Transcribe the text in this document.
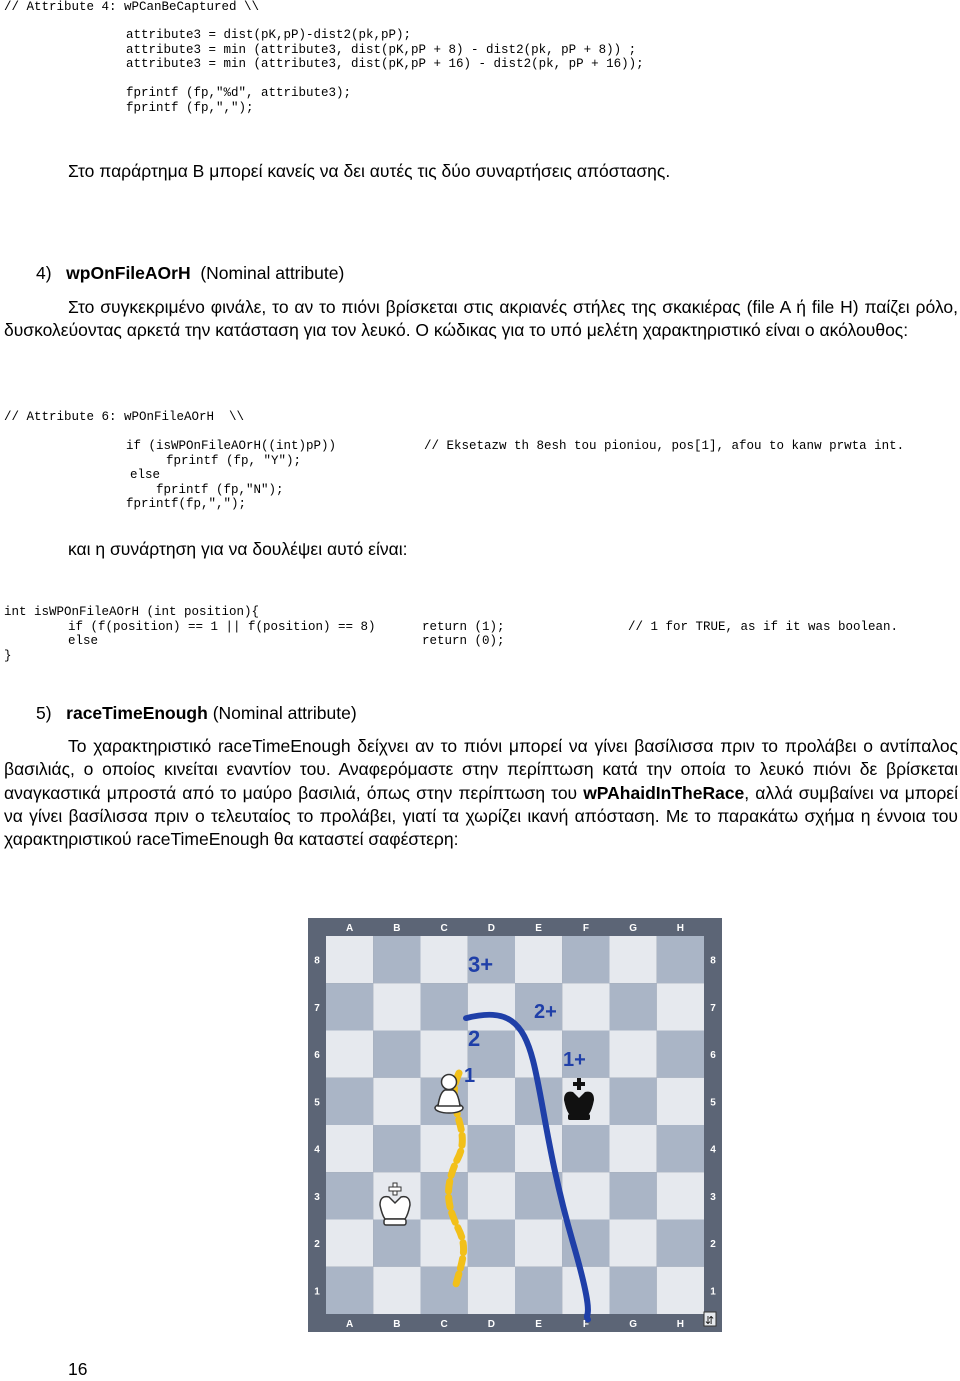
// Attribute 4: wPCanBeCaptured \\
attribute3 = dist(pK,pP)-dist2(pk,pP);
attribute3 = min (attribute3, dist(pK,pP + 8) - dist2(pk, pP + 8)) ;
attribute3 = min (attribute3, dist(pK,pP + 16) - dist2(pk, pP + 16));
fprintf (fp,"%d", attribute3);
fprintf (fp,",");
Στο παράρτημα Β μπορεί κανείς να δει αυτές τις δύο συναρτήσεις απόστασης.
4) wpOnFileAOrH (Nominal attribute)
Στο συγκεκριμένο φινάλε, το αν το πιόνι βρίσκεται στις ακριανές στήλες της σκακιέρας (file A ή file H) παίζει ρόλο, δυσκολεύοντας αρκετά την κατάσταση για τον λευκό. Ο κώδικας για το υπό μελέτη χαρακτηριστικό είναι ο ακόλουθος:
// Attribute 6: wPOnFileAOrH  \\
if (isWPOnFileAOrH((int)pP))	// Eksetazw th 8esh tou pioniou, pos[1], afou to kanw prwta int.
fprintf (fp, "Y");
else
fprintf (fp,"N");
fprintf(fp,",");
και η συνάρτηση για να δουλέψει αυτό είναι:
int isWPOnFileAOrH (int position){
if (f(position) == 1 || f(position) == 8)	return (1);	// 1 for TRUE, as if it was boolean.
else	return (0);
}
5) raceTimeEnough (Nominal attribute)
Το χαρακτηριστικό raceTimeEnough δείχνει αν το πιόνι μπορεί να γίνει βασίλισσα πριν το προλάβει ο αντίπαλος βασιλιάς, ο οποίος κινείται εναντίον του. Αναφερόμαστε στην περίπτωση κατά την οποία το λευκό πιόνι δε βρίσκεται αναγκαστικά μπροστά από το μαύρο βασιλιά, όπως στην περίπτωση του wPAhaidInTheRace, αλλά συμβαίνει να μπορεί να γίνει βασίλισσα πριν ο τελευταίος το προλάβει, γιατί τα χωρίζει ικανή απόσταση. Με το παρακάτω σχήμα η έννοια του χαρακτηριστικού raceTimeEnough θα καταστεί σαφέστερη:
A
A
B
B
C
C
D
D
E
E
F
F
G
G
H
H
8	8
7	7
6	6
5	5
4	4
3	3
2	2
1	1
1
2
3+
1+
2+
⇵
16
